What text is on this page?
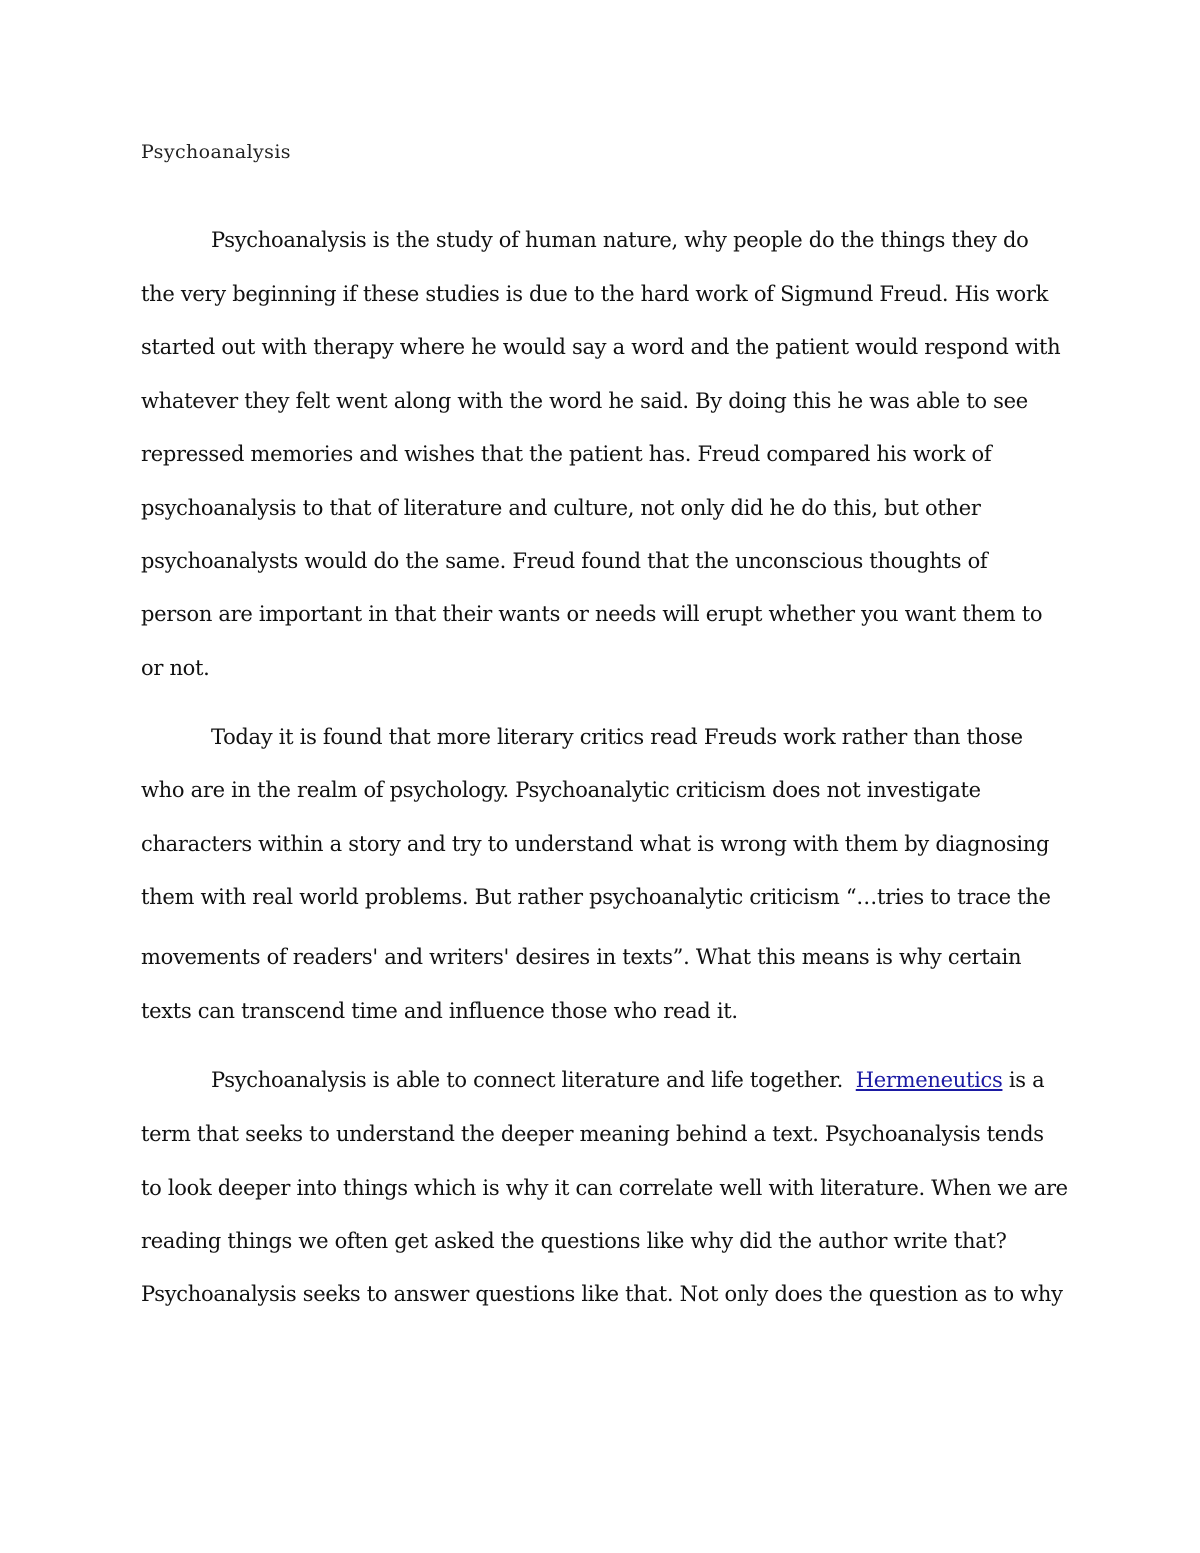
Psychoanalysis

Psychoanalysis is the study of human nature, why people do the things they do

the very beginning if these studies is due to the hard work of Sigmund Freud. His work

started out with therapy where he would say a word and the patient would respond with

whatever they felt went along with the word he said. By doing this he was able to see

repressed memories and wishes that the patient has. Freud compared his work of

psychoanalysis to that of literature and culture, not only did he do this, but other

psychoanalysts would do the same. Freud found that the unconscious thoughts of

person are important in that their wants or needs will erupt whether you want them to

or not.

Today it is found that more literary critics read Freuds work rather than those

who are in the realm of psychology. Psychoanalytic criticism does not investigate

characters within a story and try to understand what is wrong with them by diagnosing

them with real world problems. But rather psychoanalytic criticism “…tries to trace the

movements of readers' and writers' desires in texts”. What this means is why certain

texts can transcend time and influence those who read it.

Psychoanalysis is able to connect literature and life together. Hermeneutics is a

term that seeks to understand the deeper meaning behind a text. Psychoanalysis tends

to look deeper into things which is why it can correlate well with literature. When we are

reading things we often get asked the questions like why did the author write that?

Psychoanalysis seeks to answer questions like that. Not only does the question as to why
